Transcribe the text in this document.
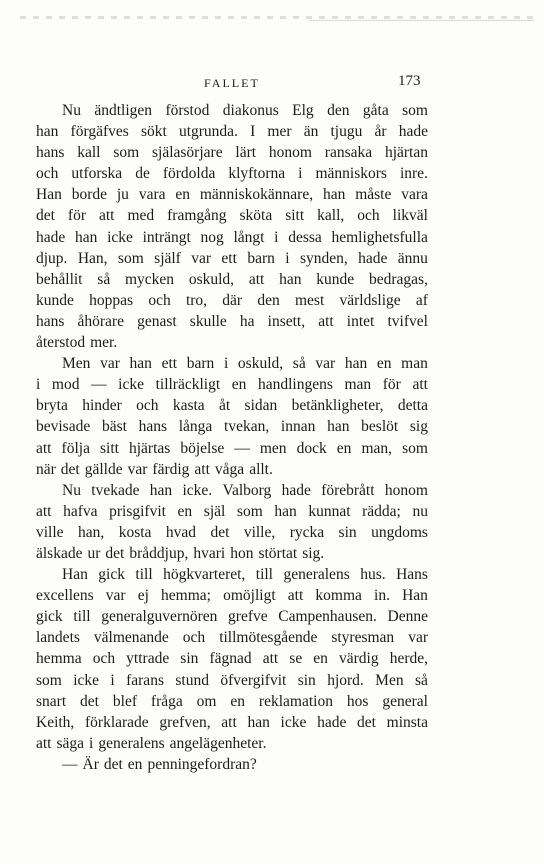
FALLET	173
Nu ändtligen förstod diakonus Elg den gåta som
han förgäfves sökt utgrunda. I mer än tjugu år hade
hans kall som själasörjare lärt honom ransaka hjärtan
och utforska de fördolda klyftorna i människors inre.
Han borde ju vara en människokännare, han måste vara
det för att med framgång sköta sitt kall, och likväl
hade han icke inträngt nog långt i dessa hemlighetsfulla
djup. Han, som själf var ett barn i synden, hade ännu
behållit så mycken oskuld, att han kunde bedragas,
kunde hoppas och tro, där den mest världslige af
hans åhörare genast skulle ha insett, att intet tvifvel
återstod mer.
Men var han ett barn i oskuld, så var han en man
i mod — icke tillräckligt en handlingens man för att
bryta hinder och kasta åt sidan betänkligheter, detta
bevisade bäst hans långa tvekan, innan han beslöt sig
att följa sitt hjärtas böjelse — men dock en man, som
när det gällde var färdig att våga allt.
Nu tvekade han icke. Valborg hade förebrått honom
att hafva prisgifvit en själ som han kunnat rädda; nu
ville han, kosta hvad det ville, rycka sin ungdoms
älskade ur det bråddjup, hvari hon störtat sig.
Han gick till högkvarteret, till generalens hus. Hans
excellens var ej hemma; omöjligt att komma in. Han
gick till generalguvernören grefve Campenhausen. Denne
landets välmenande och tillmötesgående styresman var
hemma och yttrade sin fägnad att se en värdig herde,
som icke i farans stund öfvergifvit sin hjord. Men så
snart det blef fråga om en reklamation hos general
Keith, förklarade grefven, att han icke hade det minsta
att säga i generalens angelägenheter.
— Är det en penningefordran?
